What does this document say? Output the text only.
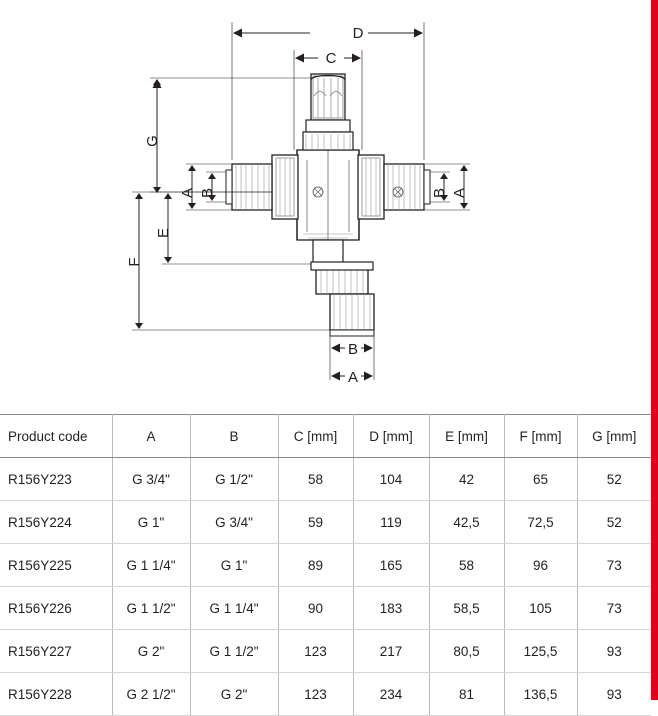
D
C
G
A B
E
F
A
B
B
A
Product code	A	B	C [mm]	D [mm]	E [mm]	F [mm]	G [mm]
R156Y223	G 3/4"	G 1/2"	58	104	42	65	52
R156Y224	G 1"	G 3/4"	59	119	42,5	72,5	52
R156Y225	G 1 1/4"	G 1"	89	165	58	96	73
R156Y226	G 1 1/2"	G 1 1/4"	90	183	58,5	105	73
R156Y227	G 2"	G 1 1/2"	123	217	80,5	125,5	93
R156Y228	G 2 1/2"	G 2"	123	234	81	136,5	93
